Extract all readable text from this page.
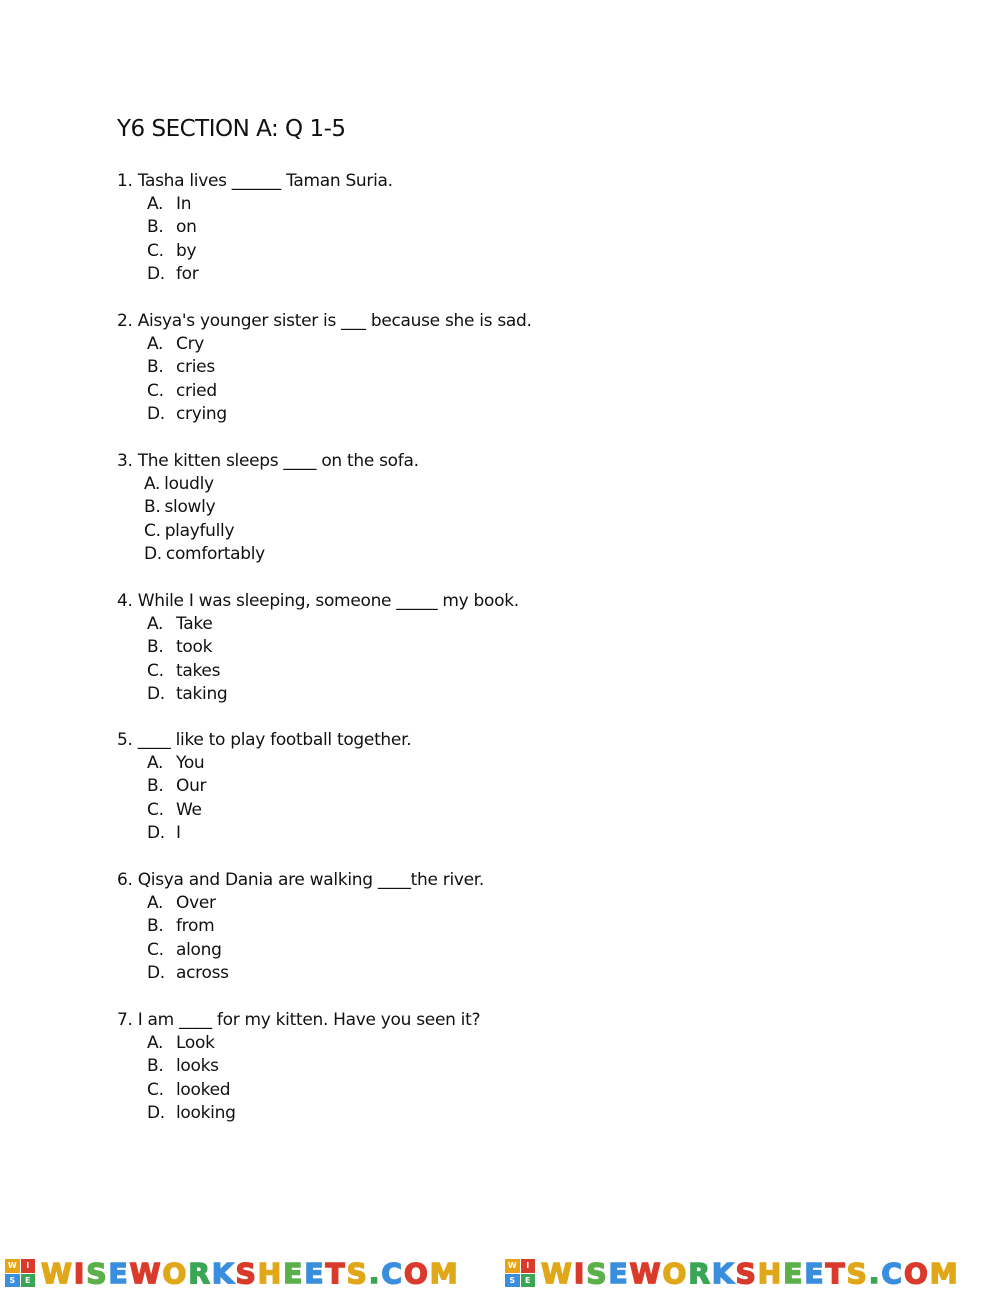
Y6 SECTION A: Q 1-5
1. Tasha lives ______ Taman Suria.
A. In
B. on
C. by
D. for
2. Aisya's younger sister is ___ because she is sad.
A. Cry
B. cries
C. cried
D. crying
3. The kitten sleeps ____ on the sofa.
A. loudly
B. slowly
C. playfully
D. comfortably
4. While I was sleeping, someone _____ my book.
A. Take
B. took
C. takes
D. taking
5. ____ like to play football together.
A. You
B. Our
C. We
D. I
6. Qisya and Dania are walking ____the river.
A. Over
B. from
C. along
D. across
7. I am ____ for my kitten. Have you seen it?
A. Look
B. looks
C. looked
D. looking
W	I
S	E WISEWORKSHEETS.COM	W	I
S	E WISEWORKSHEETS.COM
